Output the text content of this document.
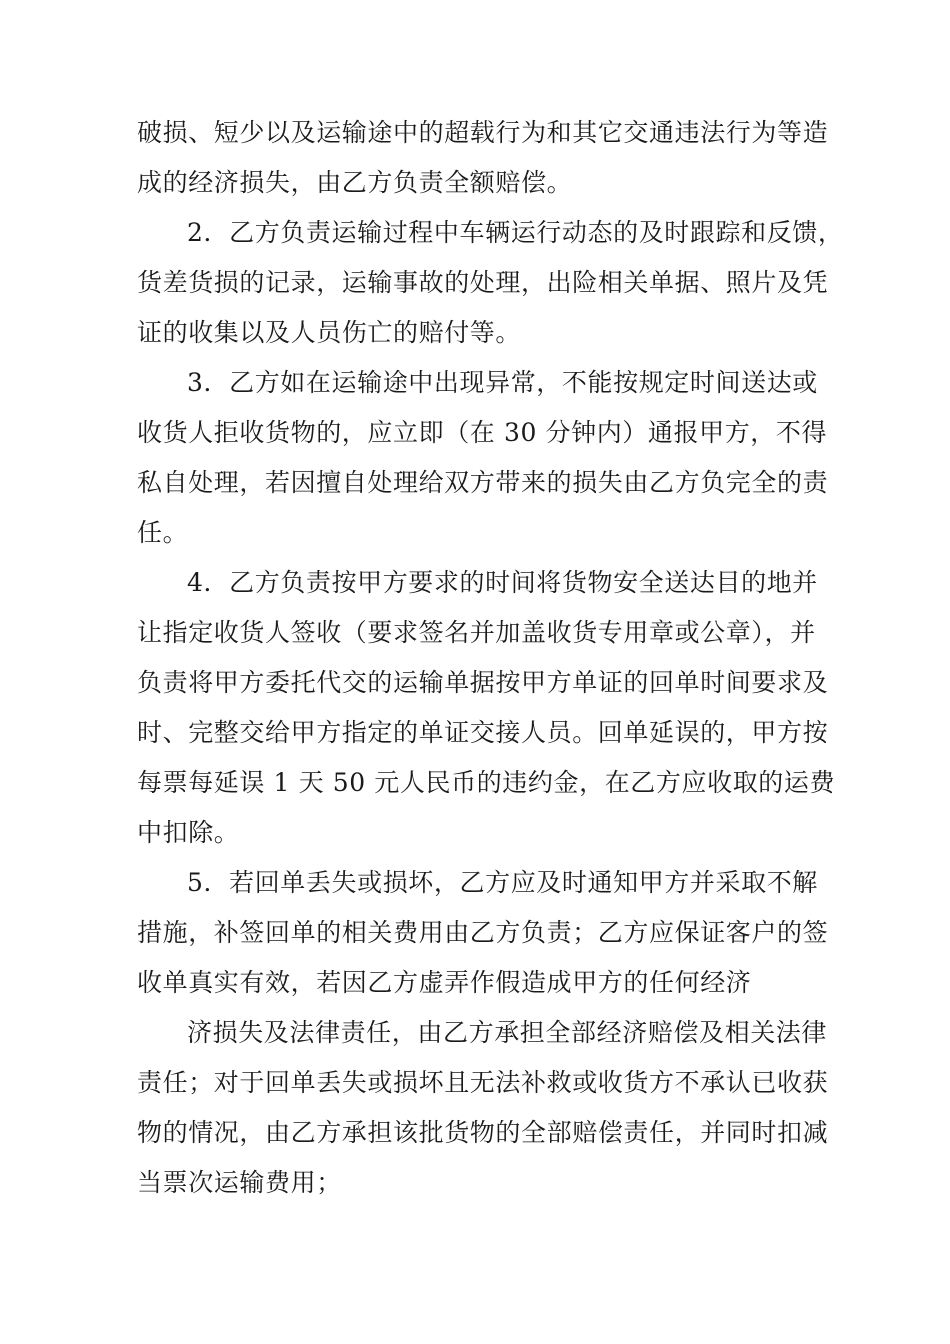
破损、短少以及运输途中的超载行为和其它交通违法行为等造

成的经济损失，由乙方负责全额赔偿。

2．乙方负责运输过程中车辆运行动态的及时跟踪和反馈，

货差货损的记录，运输事故的处理，出险相关单据、照片及凭

证的收集以及人员伤亡的赔付等。

3．乙方如在运输途中出现异常，不能按规定时间送达或

收货人拒收货物的，应立即（在 30 分钟内）通报甲方，不得

私自处理，若因擅自处理给双方带来的损失由乙方负完全的责

任。

4．乙方负责按甲方要求的时间将货物安全送达目的地并

让指定收货人签收（要求签名并加盖收货专用章或公章），并

负责将甲方委托代交的运输单据按甲方单证的回单时间要求及

时、完整交给甲方指定的单证交接人员。回单延误的，甲方按

每票每延误 1 天 50 元人民币的违约金，在乙方应收取的运费

中扣除。

5．若回单丢失或损坏，乙方应及时通知甲方并采取不解

措施，补签回单的相关费用由乙方负责；乙方应保证客户的签

收单真实有效，若因乙方虚弄作假造成甲方的任何经济

济损失及法律责任，由乙方承担全部经济赔偿及相关法律

责任；对于回单丢失或损坏且无法补救或收货方不承认已收获

物的情况，由乙方承担该批货物的全部赔偿责任，并同时扣减

当票次运输费用；
